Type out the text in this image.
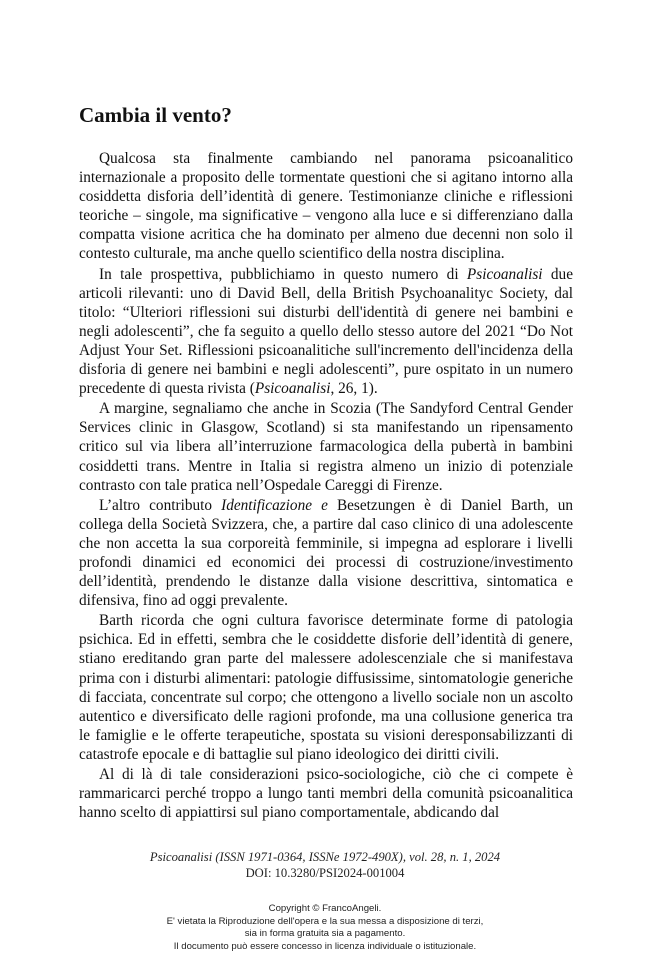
Cambia il vento?

Qualcosa sta finalmente cambiando nel panorama psicoanalitico internazionale a proposito delle tormentate questioni che si agitano intorno alla cosiddetta disforia dell’identità di genere. Testimonianze cliniche e riflessioni teoriche – singole, ma significative – vengono alla luce e si differenziano dalla compatta visione acritica che ha dominato per almeno due decenni non solo il contesto culturale, ma anche quello scientifico della nostra disciplina.

In tale prospettiva, pubblichiamo in questo numero di Psicoanalisi due articoli rilevanti: uno di David Bell, della British Psychoanalityc Society, dal titolo: “Ulteriori riflessioni sui disturbi dell'identità di genere nei bambini e negli adolescenti”, che fa seguito a quello dello stesso autore del 2021 “Do Not Adjust Your Set. Riflessioni psicoanalitiche sull'incremento dell'incidenza della disforia di genere nei bambini e negli adolescenti”, pure ospitato in un numero precedente di questa rivista (Psicoanalisi, 26, 1).

A margine, segnaliamo che anche in Scozia (The Sandyford Central Gender Services clinic in Glasgow, Scotland) si sta manifestando un ripensamento critico sul via libera all’interruzione farmacologica della pubertà in bambini cosiddetti trans. Mentre in Italia si registra almeno un inizio di potenziale contrasto con tale pratica nell’Ospedale Careggi di Firenze.

L’altro contributo Identificazione e Besetzungen è di Daniel Barth, un collega della Società Svizzera, che, a partire dal caso clinico di una adolescente che non accetta la sua corporeità femminile, si impegna ad esplorare i livelli profondi dinamici ed economici dei processi di costruzione/investimento dell’identità, prendendo le distanze dalla visione descrittiva, sintomatica e difensiva, fino ad oggi prevalente.

Barth ricorda che ogni cultura favorisce determinate forme di patologia psichica. Ed in effetti, sembra che le cosiddette disforie dell’identità di genere, stiano ereditando gran parte del malessere adolescenziale che si manifestava prima con i disturbi alimentari: patologie diffusissime, sintomatologie generiche di facciata, concentrate sul corpo; che ottengono a livello sociale non un ascolto autentico e diversificato delle ragioni profonde, ma una collusione generica tra le famiglie e le offerte terapeutiche, spostata su visioni deresponsabilizzanti di catastrofe epocale e di battaglie sul piano ideologico dei diritti civili.

Al di là di tale considerazioni psico-sociologiche, ciò che ci compete è rammaricarci perché troppo a lungo tanti membri della comunità psicoanalitica hanno scelto di appiattirsi sul piano comportamentale, abdicando dal

Psicoanalisi (ISSN 1971-0364, ISSNe 1972-490X), vol. 28, n. 1, 2024
DOI: 10.3280/PSI2024-001004
Copyright © FrancoAngeli.
E' vietata la Riproduzione dell'opera e la sua messa a disposizione di terzi,
sia in forma gratuita sia a pagamento.
Il documento può essere concesso in licenza individuale o istituzionale.
